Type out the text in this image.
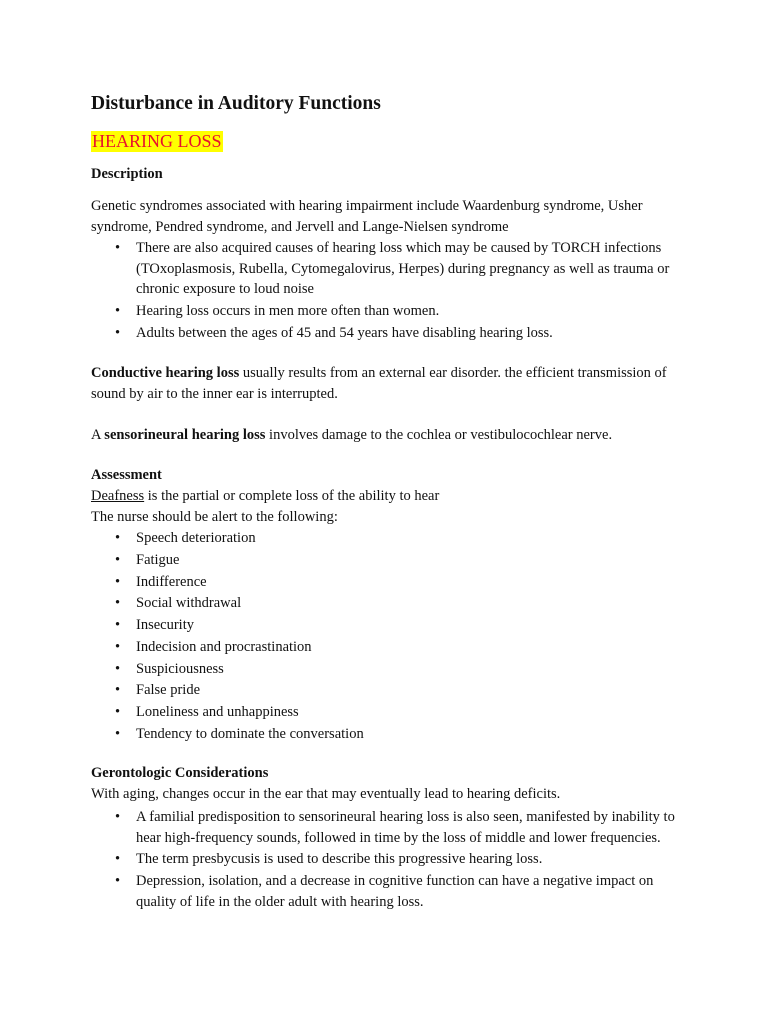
Disturbance in Auditory Functions
HEARING LOSS
Description

Genetic syndromes associated with hearing impairment include Waardenburg syndrome, Usher syndrome, Pendred syndrome, and Jervell and Lange-Nielsen syndrome

• There are also acquired causes of hearing loss which may be caused by TORCH infections (TOxoplasmosis, Rubella, Cytomegalovirus, Herpes) during pregnancy as well as trauma or chronic exposure to loud noise
• Hearing loss occurs in men more often than women.
• Adults between the ages of 45 and 54 years have disabling hearing loss.

Conductive hearing loss usually results from an external ear disorder. the efficient transmission of sound by air to the inner ear is interrupted.

A sensorineural hearing loss involves damage to the cochlea or vestibulocochlear nerve.

Assessment
Deafness is the partial or complete loss of the ability to hear
The nurse should be alert to the following:
• Speech deterioration
• Fatigue
• Indifference
• Social withdrawal
• Insecurity
• Indecision and procrastination
• Suspiciousness
• False pride
• Loneliness and unhappiness
• Tendency to dominate the conversation
Gerontologic Considerations
With aging, changes occur in the ear that may eventually lead to hearing deficits.
• A familial predisposition to sensorineural hearing loss is also seen, manifested by inability to hear high-frequency sounds, followed in time by the loss of middle and lower frequencies.
• The term presbycusis is used to describe this progressive hearing loss.
• Depression, isolation, and a decrease in cognitive function can have a negative impact on quality of life in the older adult with hearing loss.
